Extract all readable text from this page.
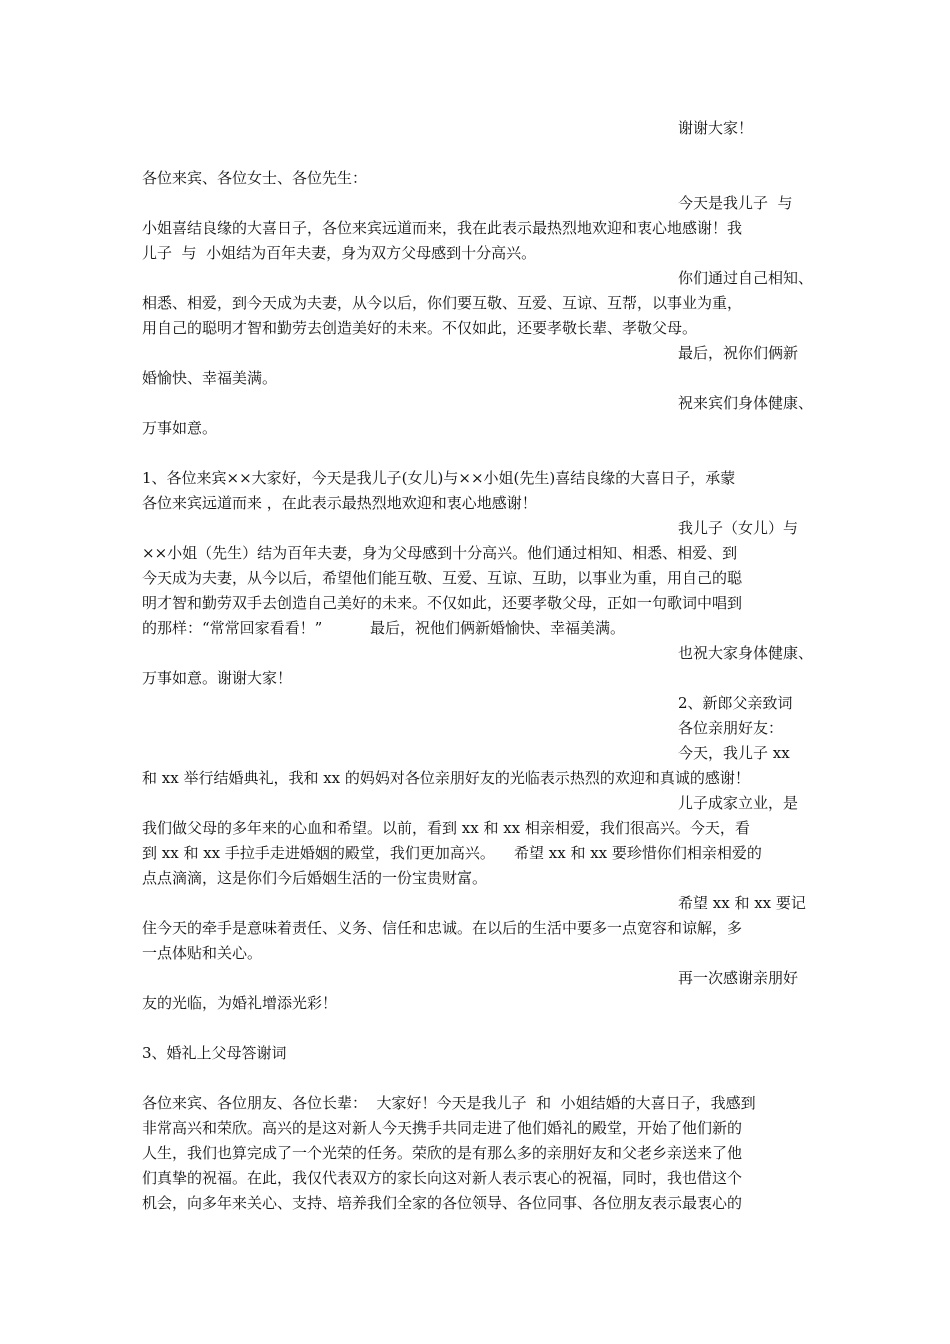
谢谢大家！
各位来宾、各位女士、各位先生：
今天是我儿子  与
小姐喜结良缘的大喜日子，各位来宾远道而来，我在此表示最热烈地欢迎和衷心地感谢！我
儿子  与  小姐结为百年夫妻，身为双方父母感到十分高兴。
你们通过自己相知、
相悉、相爱，到今天成为夫妻，从今以后，你们要互敬、互爱、互谅、互帮，以事业为重，
用自己的聪明才智和勤劳去创造美好的未来。不仅如此，还要孝敬长辈、孝敬父母。
最后，祝你们俩新
婚愉快、幸福美满。
祝来宾们身体健康、
万事如意。
1、各位来宾××大家好，今天是我儿子(女儿)与××小姐(先生)喜结良缘的大喜日子，承蒙
各位来宾远道而来 ，在此表示最热烈地欢迎和衷心地感谢！
我儿子（女儿）与
××小姐（先生）结为百年夫妻，身为父母感到十分高兴。他们通过相知、相悉、相爱、到
今天成为夫妻，从今以后，希望他们能互敬、互爱、互谅、互助，以事业为重，用自己的聪
明才智和勤劳双手去创造自己美好的未来。不仅如此，还要孝敬父母，正如一句歌词中唱到
的那样：“常常回家看看！”          最后，祝他们俩新婚愉快、幸福美满。
也祝大家身体健康、
万事如意。谢谢大家！
2、新郎父亲致词
各位亲朋好友：
今天，我儿子 xx
和 xx 举行结婚典礼，我和 xx 的妈妈对各位亲朋好友的光临表示热烈的欢迎和真诚的感谢！
儿子成家立业，是
我们做父母的多年来的心血和希望。以前，看到 xx 和 xx 相亲相爱，我们很高兴。今天，看
到 xx 和 xx 手拉手走进婚姻的殿堂，我们更加高兴。    希望 xx 和 xx 要珍惜你们相亲相爱的
点点滴滴，这是你们今后婚姻生活的一份宝贵财富。
希望 xx 和 xx 要记
住今天的牵手是意味着责任、义务、信任和忠诚。在以后的生活中要多一点宽容和谅解，多
一点体贴和关心。
再一次感谢亲朋好
友的光临，为婚礼增添光彩！
3、婚礼上父母答谢词
各位来宾、各位朋友、各位长辈：  大家好！今天是我儿子  和  小姐结婚的大喜日子，我感到
非常高兴和荣欣。高兴的是这对新人今天携手共同走进了他们婚礼的殿堂，开始了他们新的
人生，我们也算完成了一个光荣的任务。荣欣的是有那么多的亲朋好友和父老乡亲送来了他
们真挚的祝福。在此，我仅代表双方的家长向这对新人表示衷心的祝福，同时，我也借这个
机会，向多年来关心、支持、培养我们全家的各位领导、各位同事、各位朋友表示最衷心的
